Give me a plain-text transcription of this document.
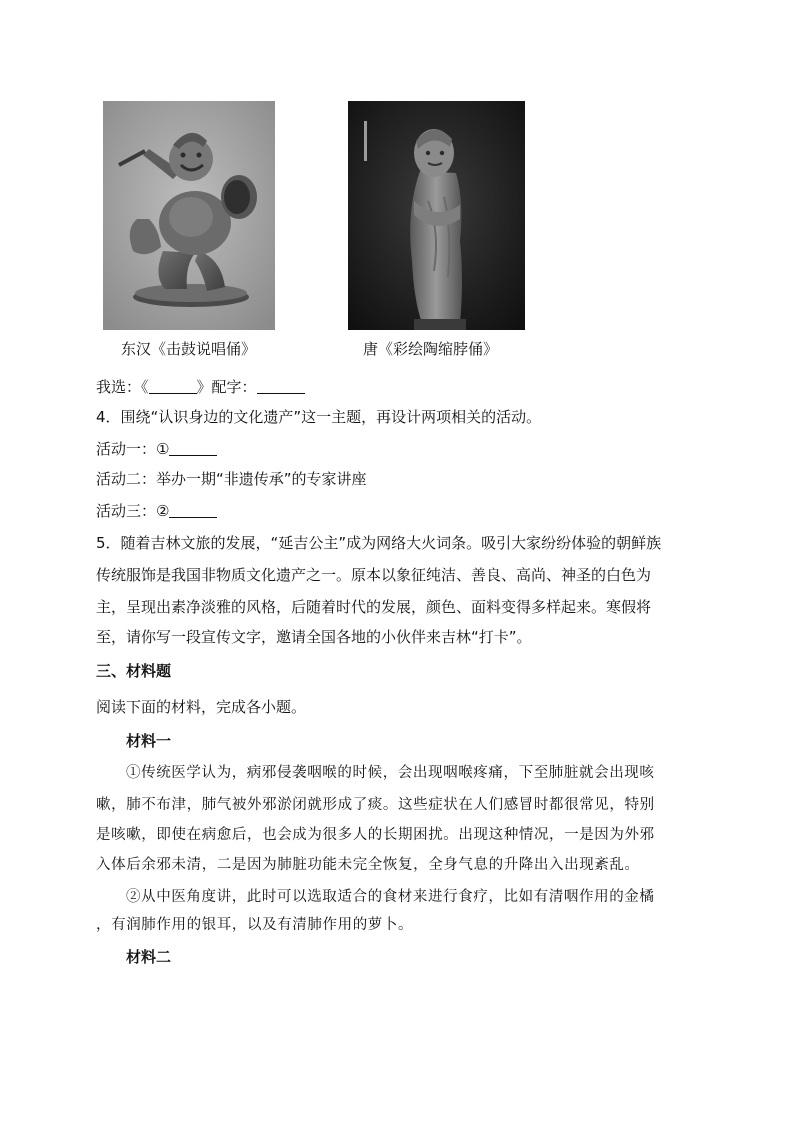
东汉《击鼓说唱俑》	唐《彩绘陶缩脖俑》
我选：《	》配字：
4．围绕“认识身边的文化遗产”这一主题，再设计两项相关的活动。
活动一：①
活动二：举办一期“非遗传承”的专家讲座
活动三：②
5．随着吉林文旅的发展，“延吉公主”成为网络大火词条。吸引大家纷纷体验的朝鲜族
传统服饰是我国非物质文化遗产之一。原本以象征纯洁、善良、高尚、神圣的白色为
主，呈现出素净淡雅的风格，后随着时代的发展，颜色、面料变得多样起来。寒假将
至，请你写一段宣传文字，邀请全国各地的小伙伴来吉林“打卡”。
三、材料题
阅读下面的材料，完成各小题。
材料一
①传统医学认为，病邪侵袭咽喉的时候，会出现咽喉疼痛，下至肺脏就会出现咳
嗽，肺不布津，肺气被外邪淤闭就形成了痰。这些症状在人们感冒时都很常见，特别
是咳嗽，即使在病愈后，也会成为很多人的长期困扰。出现这种情况，一是因为外邪
入体后余邪未清，二是因为肺脏功能未完全恢复，全身气息的升降出入出现紊乱。
②从中医角度讲，此时可以选取适合的食材来进行食疗，比如有清咽作用的金橘
，有润肺作用的银耳，以及有清肺作用的萝卜。
材料二
